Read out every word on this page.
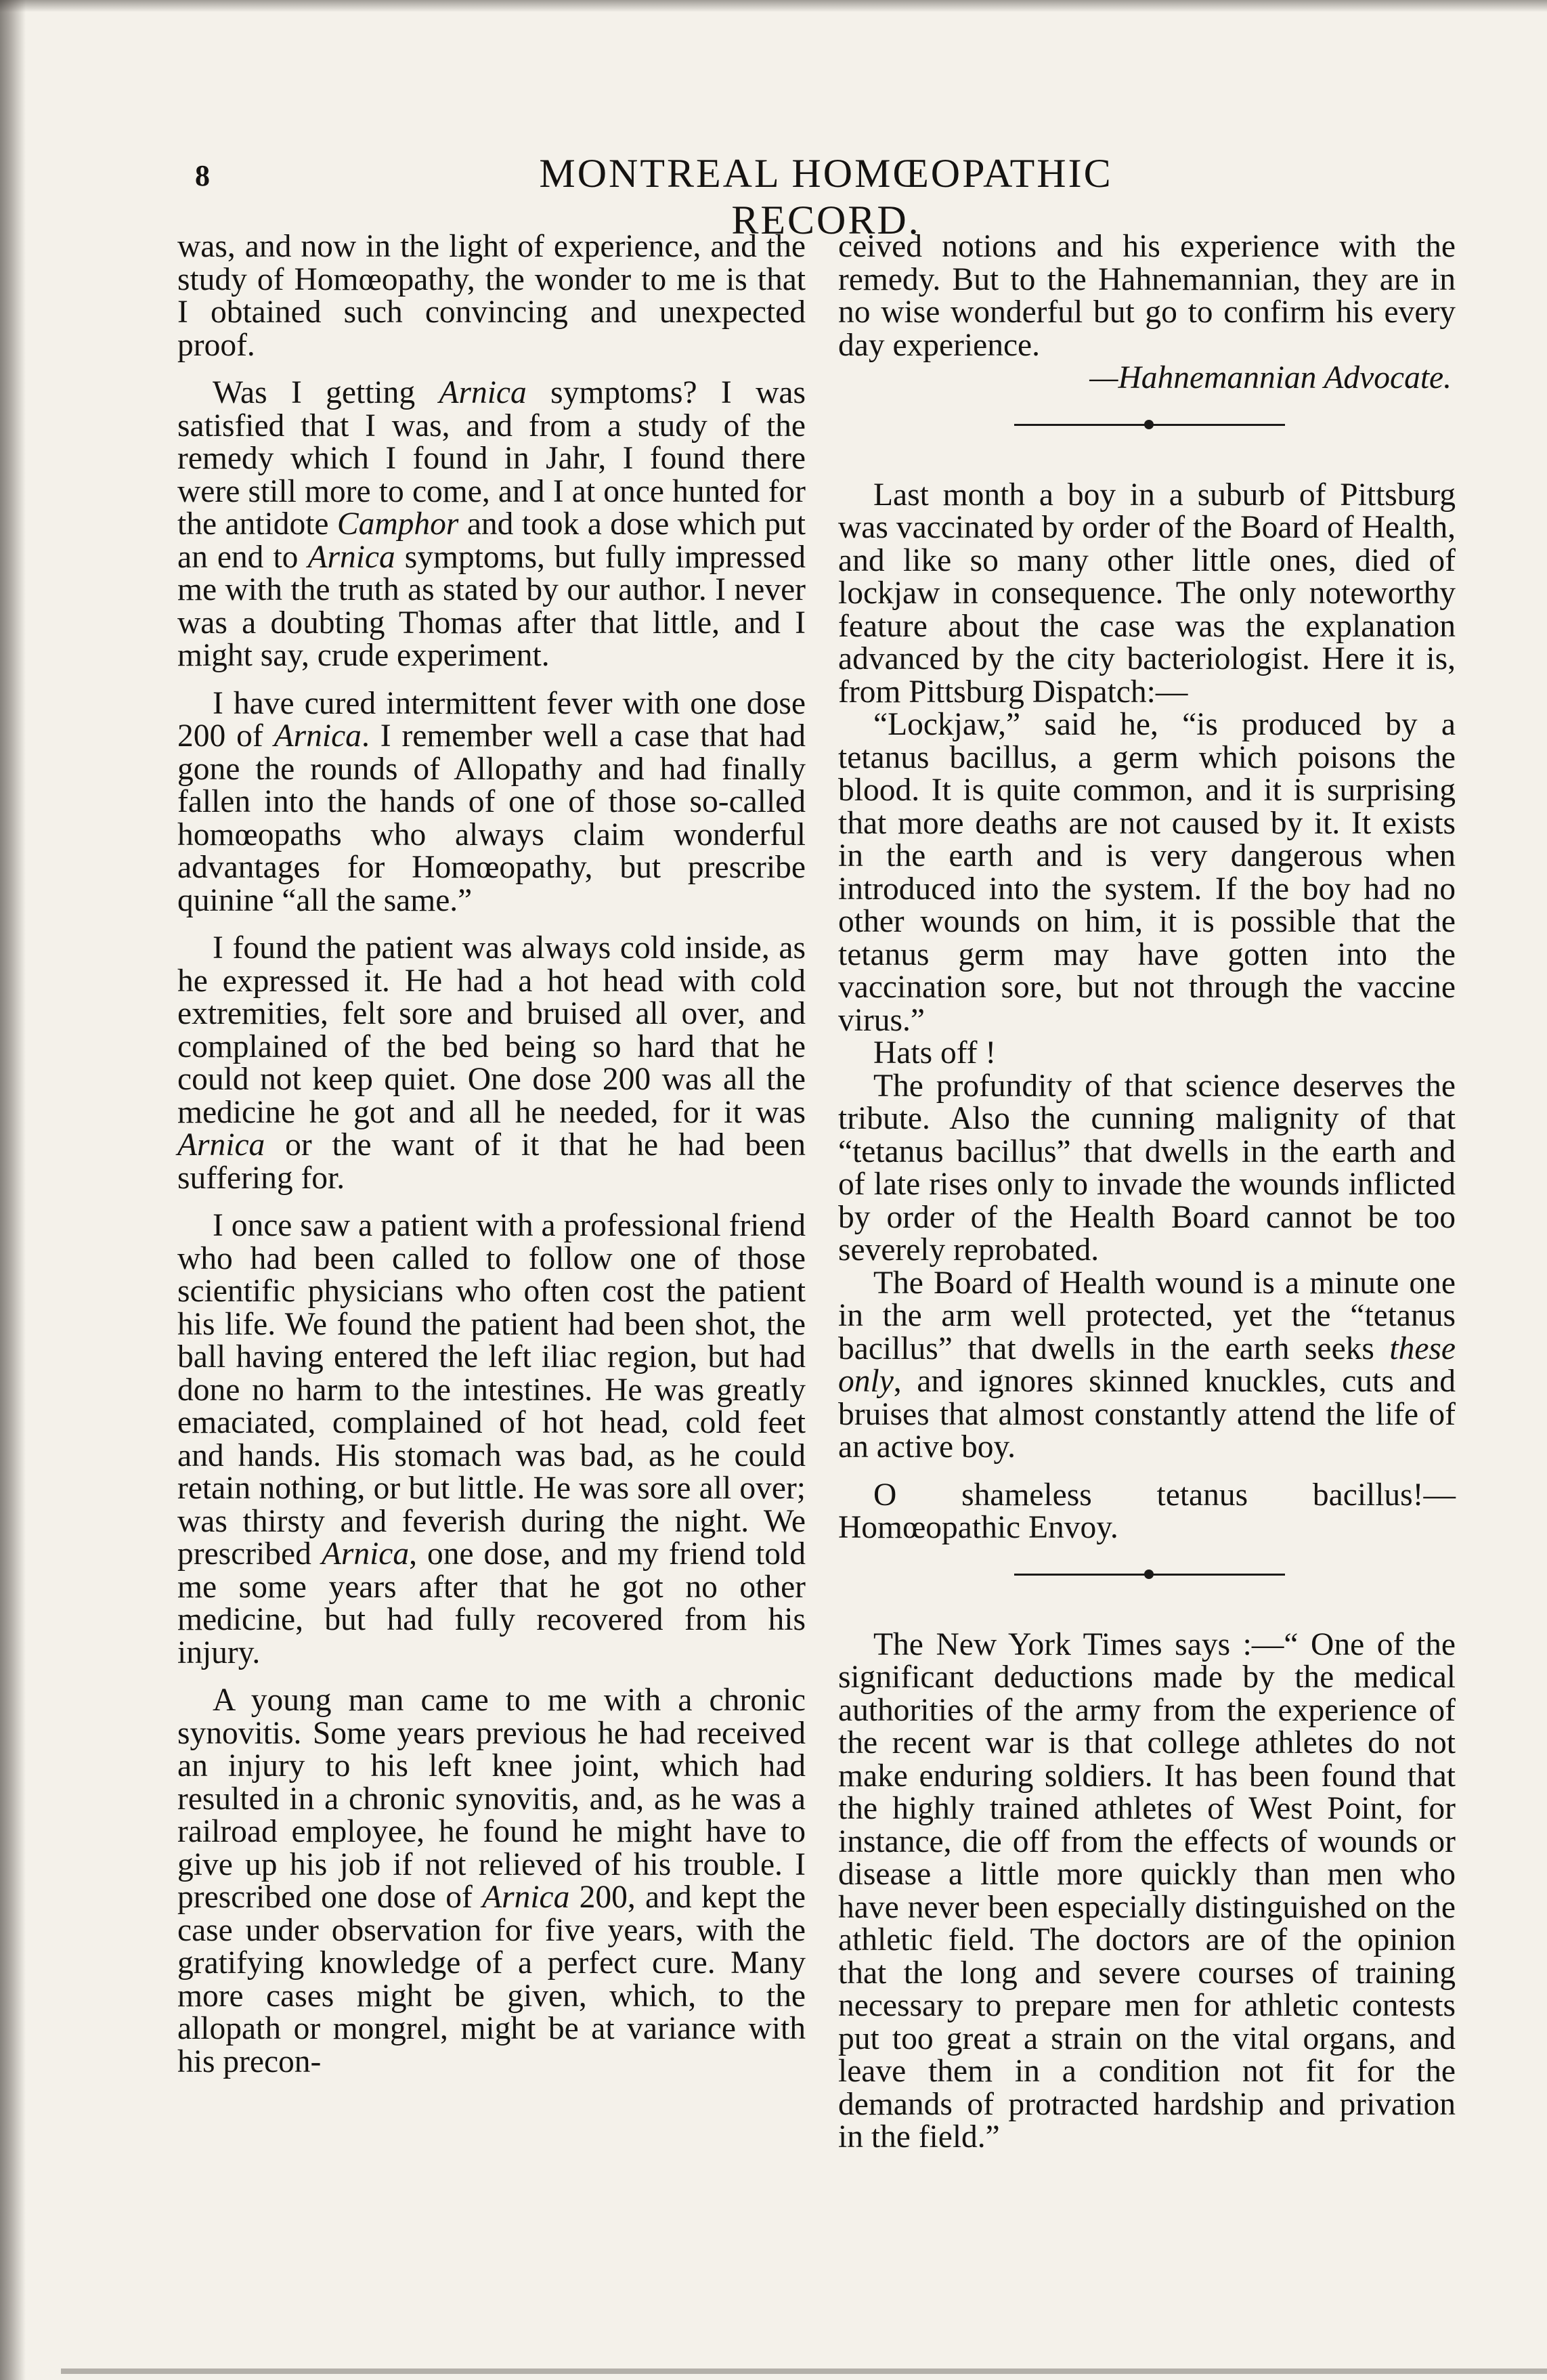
8	MONTREAL HOMŒOPATHIC RECORD.

was, and now in the light of experience, and the study of Homœopathy, the wonder to me is that I obtained such convincing and unexpected proof.

Was I getting Arnica symptoms? I was satisfied that I was, and from a study of the remedy which I found in Jahr, I found there were still more to come, and I at once hunted for the antidote Camphor and took a dose which put an end to Arnica symptoms, but fully impressed me with the truth as stated by our author. I never was a doubting Thomas after that little, and I might say, crude experiment.

I have cured intermittent fever with one dose 200 of Arnica. I remember well a case that had gone the rounds of Allopathy and had finally fallen into the hands of one of those so-called homœopaths who always claim wonderful advantages for Homœopathy, but prescribe quinine “all the same.”

I found the patient was always cold inside, as he expressed it. He had a hot head with cold extremities, felt sore and bruised all over, and complained of the bed being so hard that he could not keep quiet. One dose 200 was all the medicine he got and all he needed, for it was Arnica or the want of it that he had been suffering for.

I once saw a patient with a professional friend who had been called to follow one of those scientific physicians who often cost the patient his life. We found the patient had been shot, the ball having entered the left iliac region, but had done no harm to the intestines. He was greatly emaciated, complained of hot head, cold feet and hands. His stomach was bad, as he could retain nothing, or but little. He was sore all over; was thirsty and feverish during the night. We prescribed Arnica, one dose, and my friend told me some years after that he got no other medicine, but had fully recovered from his injury.

A young man came to me with a chronic synovitis. Some years previous he had received an injury to his left knee joint, which had resulted in a chronic synovitis, and, as he was a railroad employee, he found he might have to give up his job if not relieved of his trouble. I prescribed one dose of Arnica 200, and kept the case under observation for five years, with the gratifying knowledge of a perfect cure. Many more cases might be given, which, to the allopath or mongrel, might be at variance with his precon-

ceived notions and his experience with the remedy. But to the Hahnemannian, they are in no wise wonderful but go to confirm his every day experience.

—Hahnemannian Advocate.

Last month a boy in a suburb of Pittsburg was vaccinated by order of the Board of Health, and like so many other little ones, died of lockjaw in consequence. The only noteworthy feature about the case was the explanation advanced by the city bacteriologist. Here it is, from Pittsburg Dispatch:—

“Lockjaw,” said he, “is produced by a tetanus bacillus, a germ which poisons the blood. It is quite common, and it is surprising that more deaths are not caused by it. It exists in the earth and is very dangerous when introduced into the system. If the boy had no other wounds on him, it is possible that the tetanus germ may have gotten into the vaccination sore, but not through the vaccine virus.”

Hats off !

The profundity of that science deserves the tribute. Also the cunning malignity of that “tetanus bacillus” that dwells in the earth and of late rises only to invade the wounds inflicted by order of the Health Board cannot be too severely reprobated.

The Board of Health wound is a minute one in the arm well protected, yet the “tetanus bacillus” that dwells in the earth seeks these only, and ignores skinned knuckles, cuts and bruises that almost constantly attend the life of an active boy.

O shameless tetanus bacillus!—Homœopathic Envoy.

The New York Times says :—“ One of the significant deductions made by the medical authorities of the army from the experience of the recent war is that college athletes do not make enduring soldiers. It has been found that the highly trained athletes of West Point, for instance, die off from the effects of wounds or disease a little more quickly than men who have never been especially distinguished on the athletic field. The doctors are of the opinion that the long and severe courses of training necessary to prepare men for athletic contests put too great a strain on the vital organs, and leave them in a condition not fit for the demands of protracted hardship and privation in the field.”
